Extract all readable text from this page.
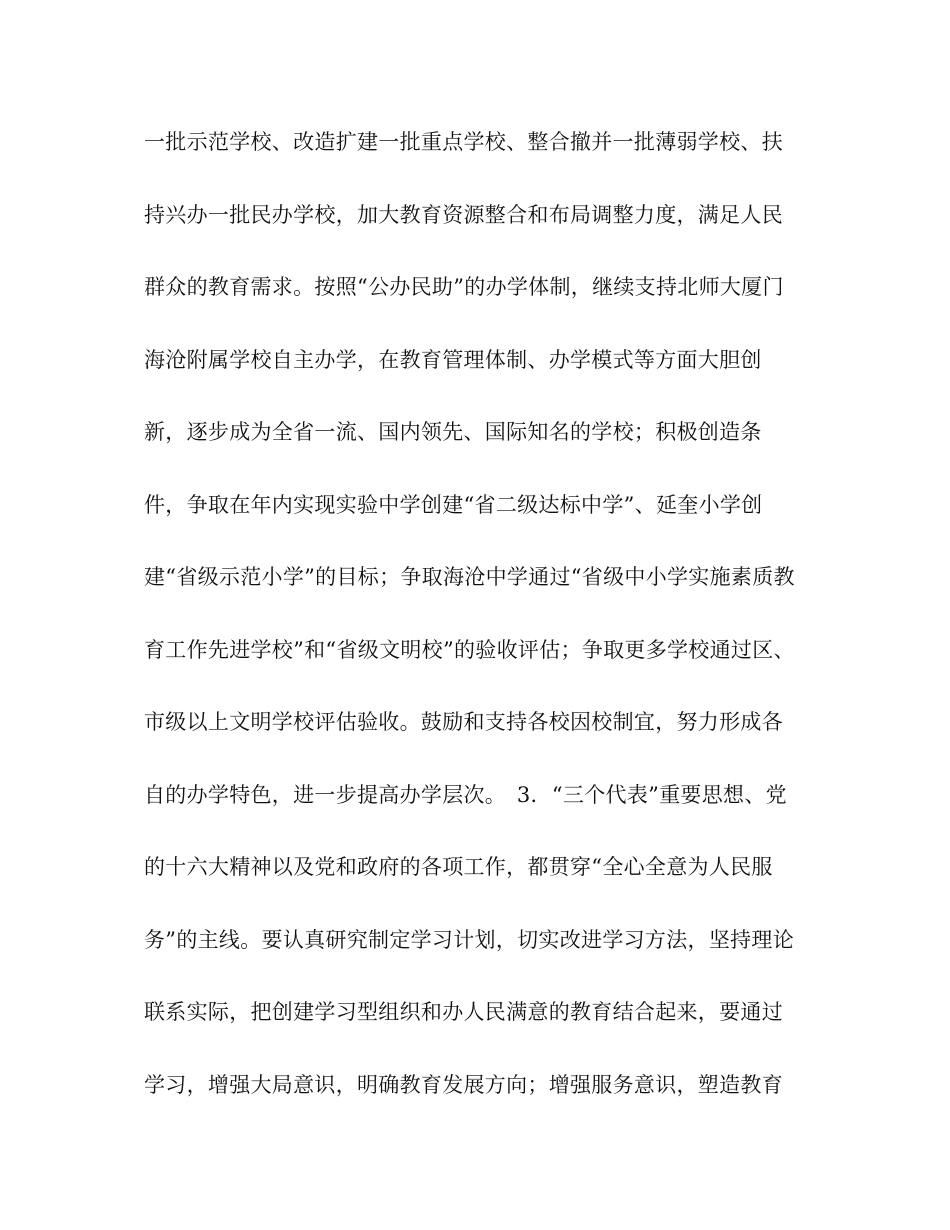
一批示范学校、改造扩建一批重点学校、整合撤并一批薄弱学校、扶
持兴办一批民办学校，加大教育资源整合和布局调整力度，满足人民
群众的教育需求。按照“公办民助”的办学体制，继续支持北师大厦门
海沧附属学校自主办学，在教育管理体制、办学模式等方面大胆创
新，逐步成为全省一流、国内领先、国际知名的学校；积极创造条
件，争取在年内实现实验中学创建“省二级达标中学”、延奎小学创
建“省级示范小学”的目标；争取海沧中学通过“省级中小学实施素质教
育工作先进学校”和“省级文明校”的验收评估；争取更多学校通过区、
市级以上文明学校评估验收。鼓励和支持各校因校制宜，努力形成各
自的办学特色，进一步提高办学层次。　3．“三个代表”重要思想、党
的十六大精神以及党和政府的各项工作，都贯穿“全心全意为人民服
务”的主线。要认真研究制定学习计划，切实改进学习方法，坚持理论
联系实际，把创建学习型组织和办人民满意的教育结合起来，要通过
学习，增强大局意识，明确教育发展方向；增强服务意识，塑造教育
